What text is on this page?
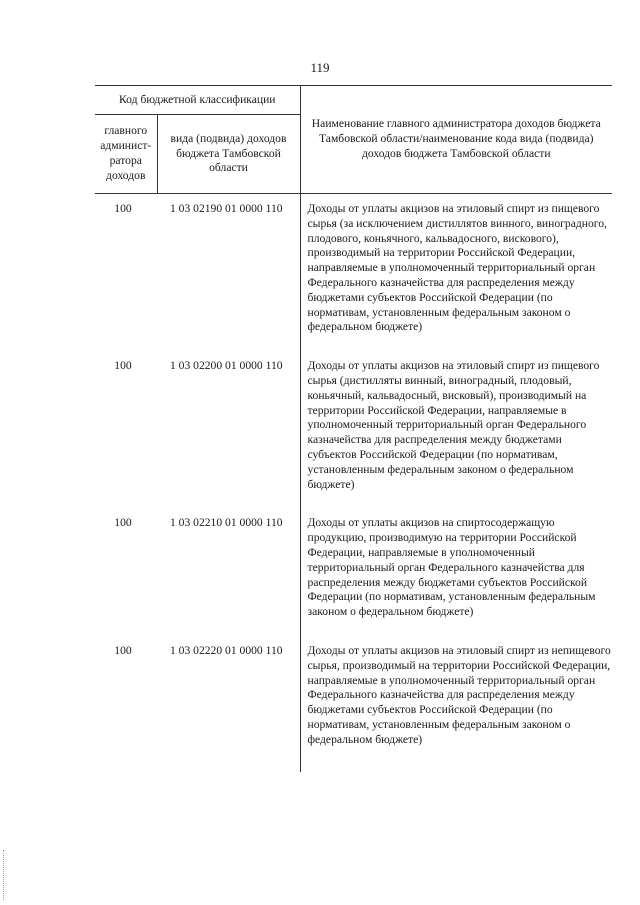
119
Код бюджетной классификации		Наименование главного администратора доходов бюджета Тамбовской области/наименование кода вида (подвида) доходов бюджета Тамбовской области
главного админист-ратора доходов	вида (подвида) доходов бюджета Тамбовской области	
100	1 03 02190 01 0000 110	Доходы от уплаты акцизов на этиловый спирт из пищевого сырья (за исключением дистиллятов винного, виноградного, плодового, коньячного, кальвадосного, вискового), производимый на территории Российской Федерации, направляемые в уполномоченный территориальный орган Федерального казначейства для распределения между бюджетами субъектов Российской Федерации (по нормативам, установленным федеральным законом о федеральном бюджете)
100	1 03 02200 01 0000 110	Доходы от уплаты акцизов на этиловый спирт из пищевого сырья (дистилляты винный, виноградный, плодовый, коньячный, кальвадосный, висковый), производимый на территории Российской Федерации, направляемые в уполномоченный территориальный орган Федерального казначейства для распределения между бюджетами субъектов Российской Федерации (по нормативам, установленным федеральным законом о федеральном бюджете)
100	1 03 02210 01 0000 110	Доходы от уплаты акцизов на спиртосодержащую продукцию, производимую на территории Российской Федерации, направляемые в уполномоченный территориальный орган Федерального казначейства для распределения между бюджетами субъектов Российской Федерации (по нормативам, установленным федеральным законом о федеральном бюджете)
100	1 03 02220 01 0000 110	Доходы от уплаты акцизов на этиловый спирт из непищевого сырья, производимый на территории Российской Федерации, направляемые в уполномоченный территориальный орган Федерального казначейства для распределения между бюджетами субъектов Российской Федерации (по нормативам, установленным федеральным законом о федеральном бюджете)
